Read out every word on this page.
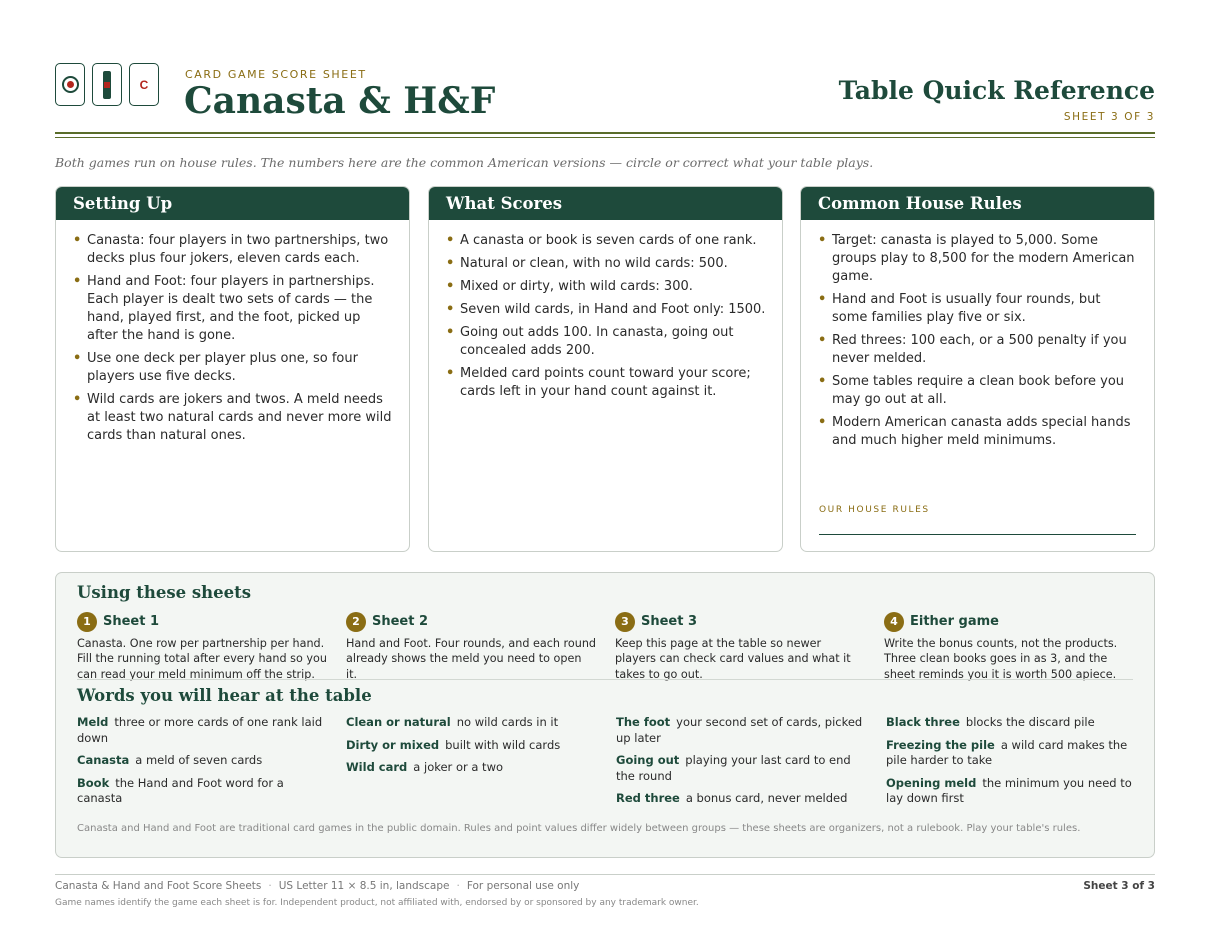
C
CARD GAME SCORE SHEET
Canasta & H&F	Table Quick Reference
SHEET 3 OF 3
Both games run on house rules. The numbers here are the common American versions — circle or correct what your table plays.
Setting Up
• Canasta: four players in two partnerships, two decks plus four jokers, eleven cards each.
• Hand and Foot: four players in partnerships. Each player is dealt two sets of cards — the hand, played first, and the foot, picked up after the hand is gone.
• Use one deck per player plus one, so four players use five decks.
• Wild cards are jokers and twos. A meld needs at least two natural cards and never more wild cards than natural ones.
What Scores
• A canasta or book is seven cards of one rank.
• Natural or clean, with no wild cards: 500.
• Mixed or dirty, with wild cards: 300.
• Seven wild cards, in Hand and Foot only: 1500.
• Going out adds 100. In canasta, going out concealed adds 200.
• Melded card points count toward your score; cards left in your hand count against it.
Common House Rules
• Target: canasta is played to 5,000. Some groups play to 8,500 for the modern American game.
• Hand and Foot is usually four rounds, but some families play five or six.
• Red threes: 100 each, or a 500 penalty if you never melded.
• Some tables require a clean book before you may go out at all.
• Modern American canasta adds special hands and much higher meld minimums.
OUR HOUSE RULES
Using these sheets
1 Sheet 1
Canasta. One row per partnership per hand. Fill the running total after every hand so you can read your meld minimum off the strip.
2 Sheet 2
Hand and Foot. Four rounds, and each round already shows the meld you need to open it.
3 Sheet 3
Keep this page at the table so newer players can check card values and what it takes to go out.
4 Either game
Write the bonus counts, not the products. Three clean books goes in as 3, and the sheet reminds you it is worth 500 apiece.
Words you will hear at the table
Meld three or more cards of one rank laid down
Canasta a meld of seven cards
Book the Hand and Foot word for a canasta
Clean or natural no wild cards in it
Dirty or mixed built with wild cards
Wild card a joker or a two
The foot your second set of cards, picked up later
Going out playing your last card to end the round
Red three a bonus card, never melded
Black three blocks the discard pile
Freezing the pile a wild card makes the pile harder to take
Opening meld the minimum you need to lay down first
Canasta and Hand and Foot are traditional card games in the public domain. Rules and point values differ widely between groups — these sheets are organizers, not a rulebook. Play your table's rules.
Canasta & Hand and Foot Score Sheets · US Letter 11 × 8.5 in, landscape · For personal use only	Sheet 3 of 3
Game names identify the game each sheet is for. Independent product, not affiliated with, endorsed by or sponsored by any trademark owner.
